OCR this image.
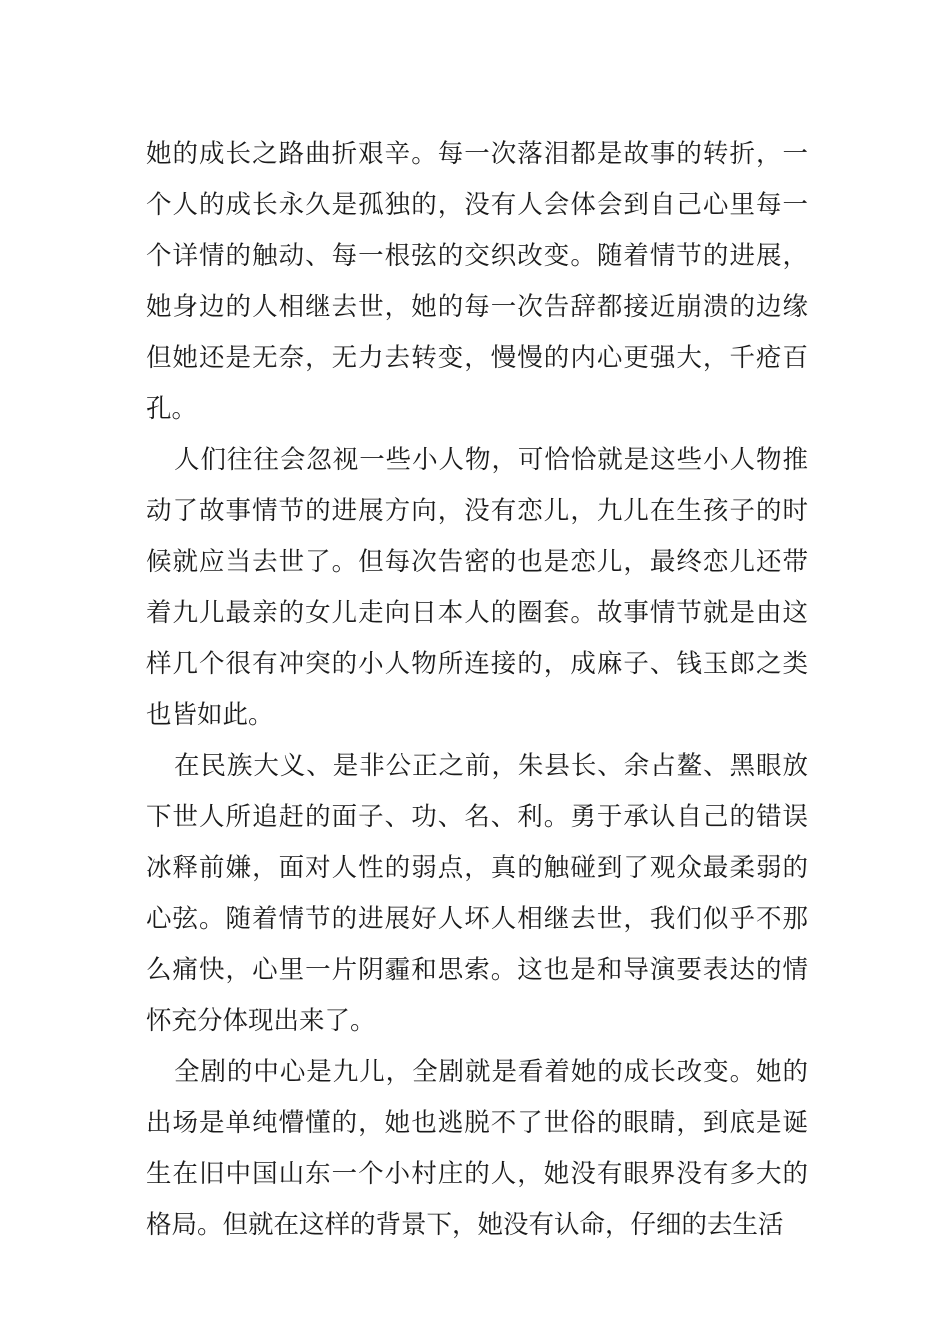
她的成长之路曲折艰辛。每一次落泪都是故事的转折，一个人的成长永久是孤独的，没有人会体会到自己心里每一个详情的触动、每一根弦的交织改变。随着情节的进展，她身边的人相继去世，她的每一次告辞都接近崩溃的边缘但她还是无奈，无力去转变，慢慢的内心更强大，千疮百孔。

人们往往会忽视一些小人物，可恰恰就是这些小人物推动了故事情节的进展方向，没有恋儿，九儿在生孩子的时候就应当去世了。但每次告密的也是恋儿，最终恋儿还带着九儿最亲的女儿走向日本人的圈套。故事情节就是由这样几个很有冲突的小人物所连接的，成麻子、钱玉郎之类也皆如此。

在民族大义、是非公正之前，朱县长、余占鳌、黑眼放下世人所追赶的面子、功、名、利。勇于承认自己的错误冰释前嫌，面对人性的弱点，真的触碰到了观众最柔弱的心弦。随着情节的进展好人坏人相继去世，我们似乎不那么痛快，心里一片阴霾和思索。这也是和导演要表达的情怀充分体现出来了。

全剧的中心是九儿，全剧就是看着她的成长改变。她的出场是单纯懵懂的，她也逃脱不了世俗的眼睛，到底是诞生在旧中国山东一个小村庄的人，她没有眼界没有多大的格局。但就在这样的背景下，她没有认命，仔细的去生活
